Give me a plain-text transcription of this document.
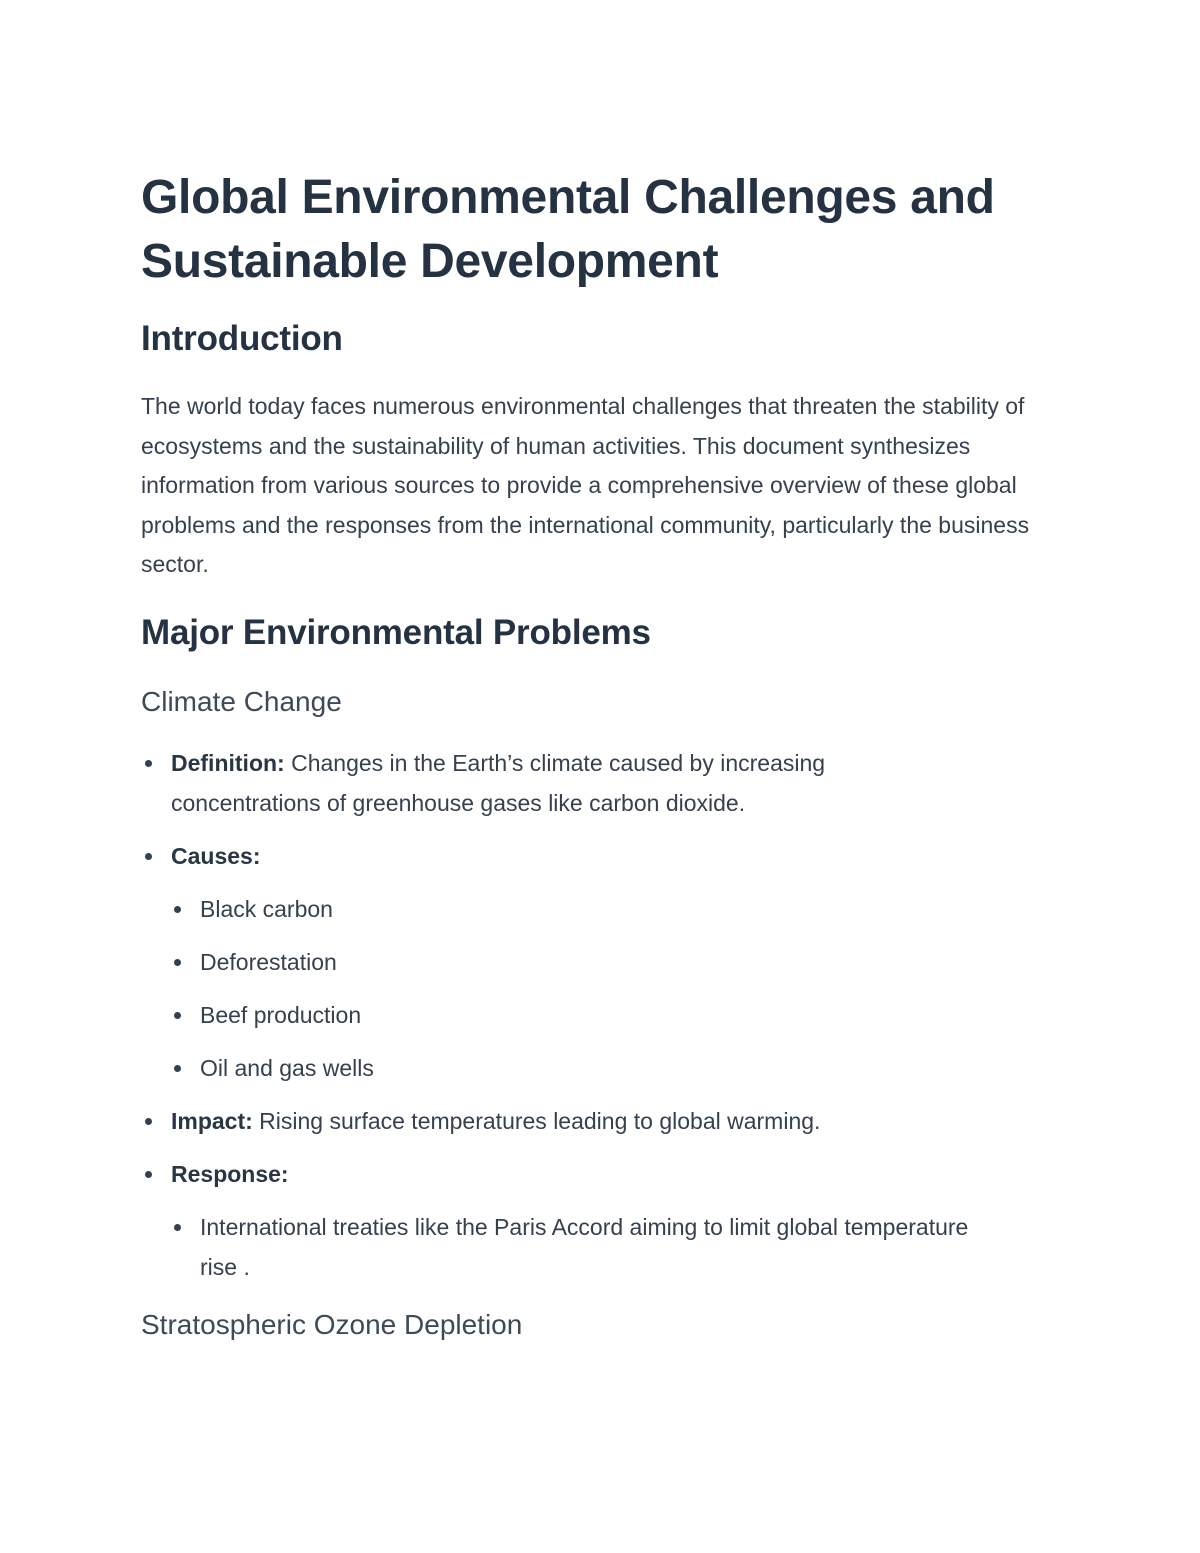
Global Environmental Challenges and Sustainable Development
Introduction

The world today faces numerous environmental challenges that threaten the stability of ecosystems and the sustainability of human activities. This document synthesizes information from various sources to provide a comprehensive overview of these global problems and the responses from the international community, particularly the business sector.

Major Environmental Problems
Climate Change
Definition: Changes in the Earth’s climate caused by increasing concentrations of greenhouse gases like carbon dioxide.
Causes:
Black carbon
Deforestation
Beef production
Oil and gas wells
Impact: Rising surface temperatures leading to global warming.
Response:
International treaties like the Paris Accord aiming to limit global temperature rise .
Stratospheric Ozone Depletion
